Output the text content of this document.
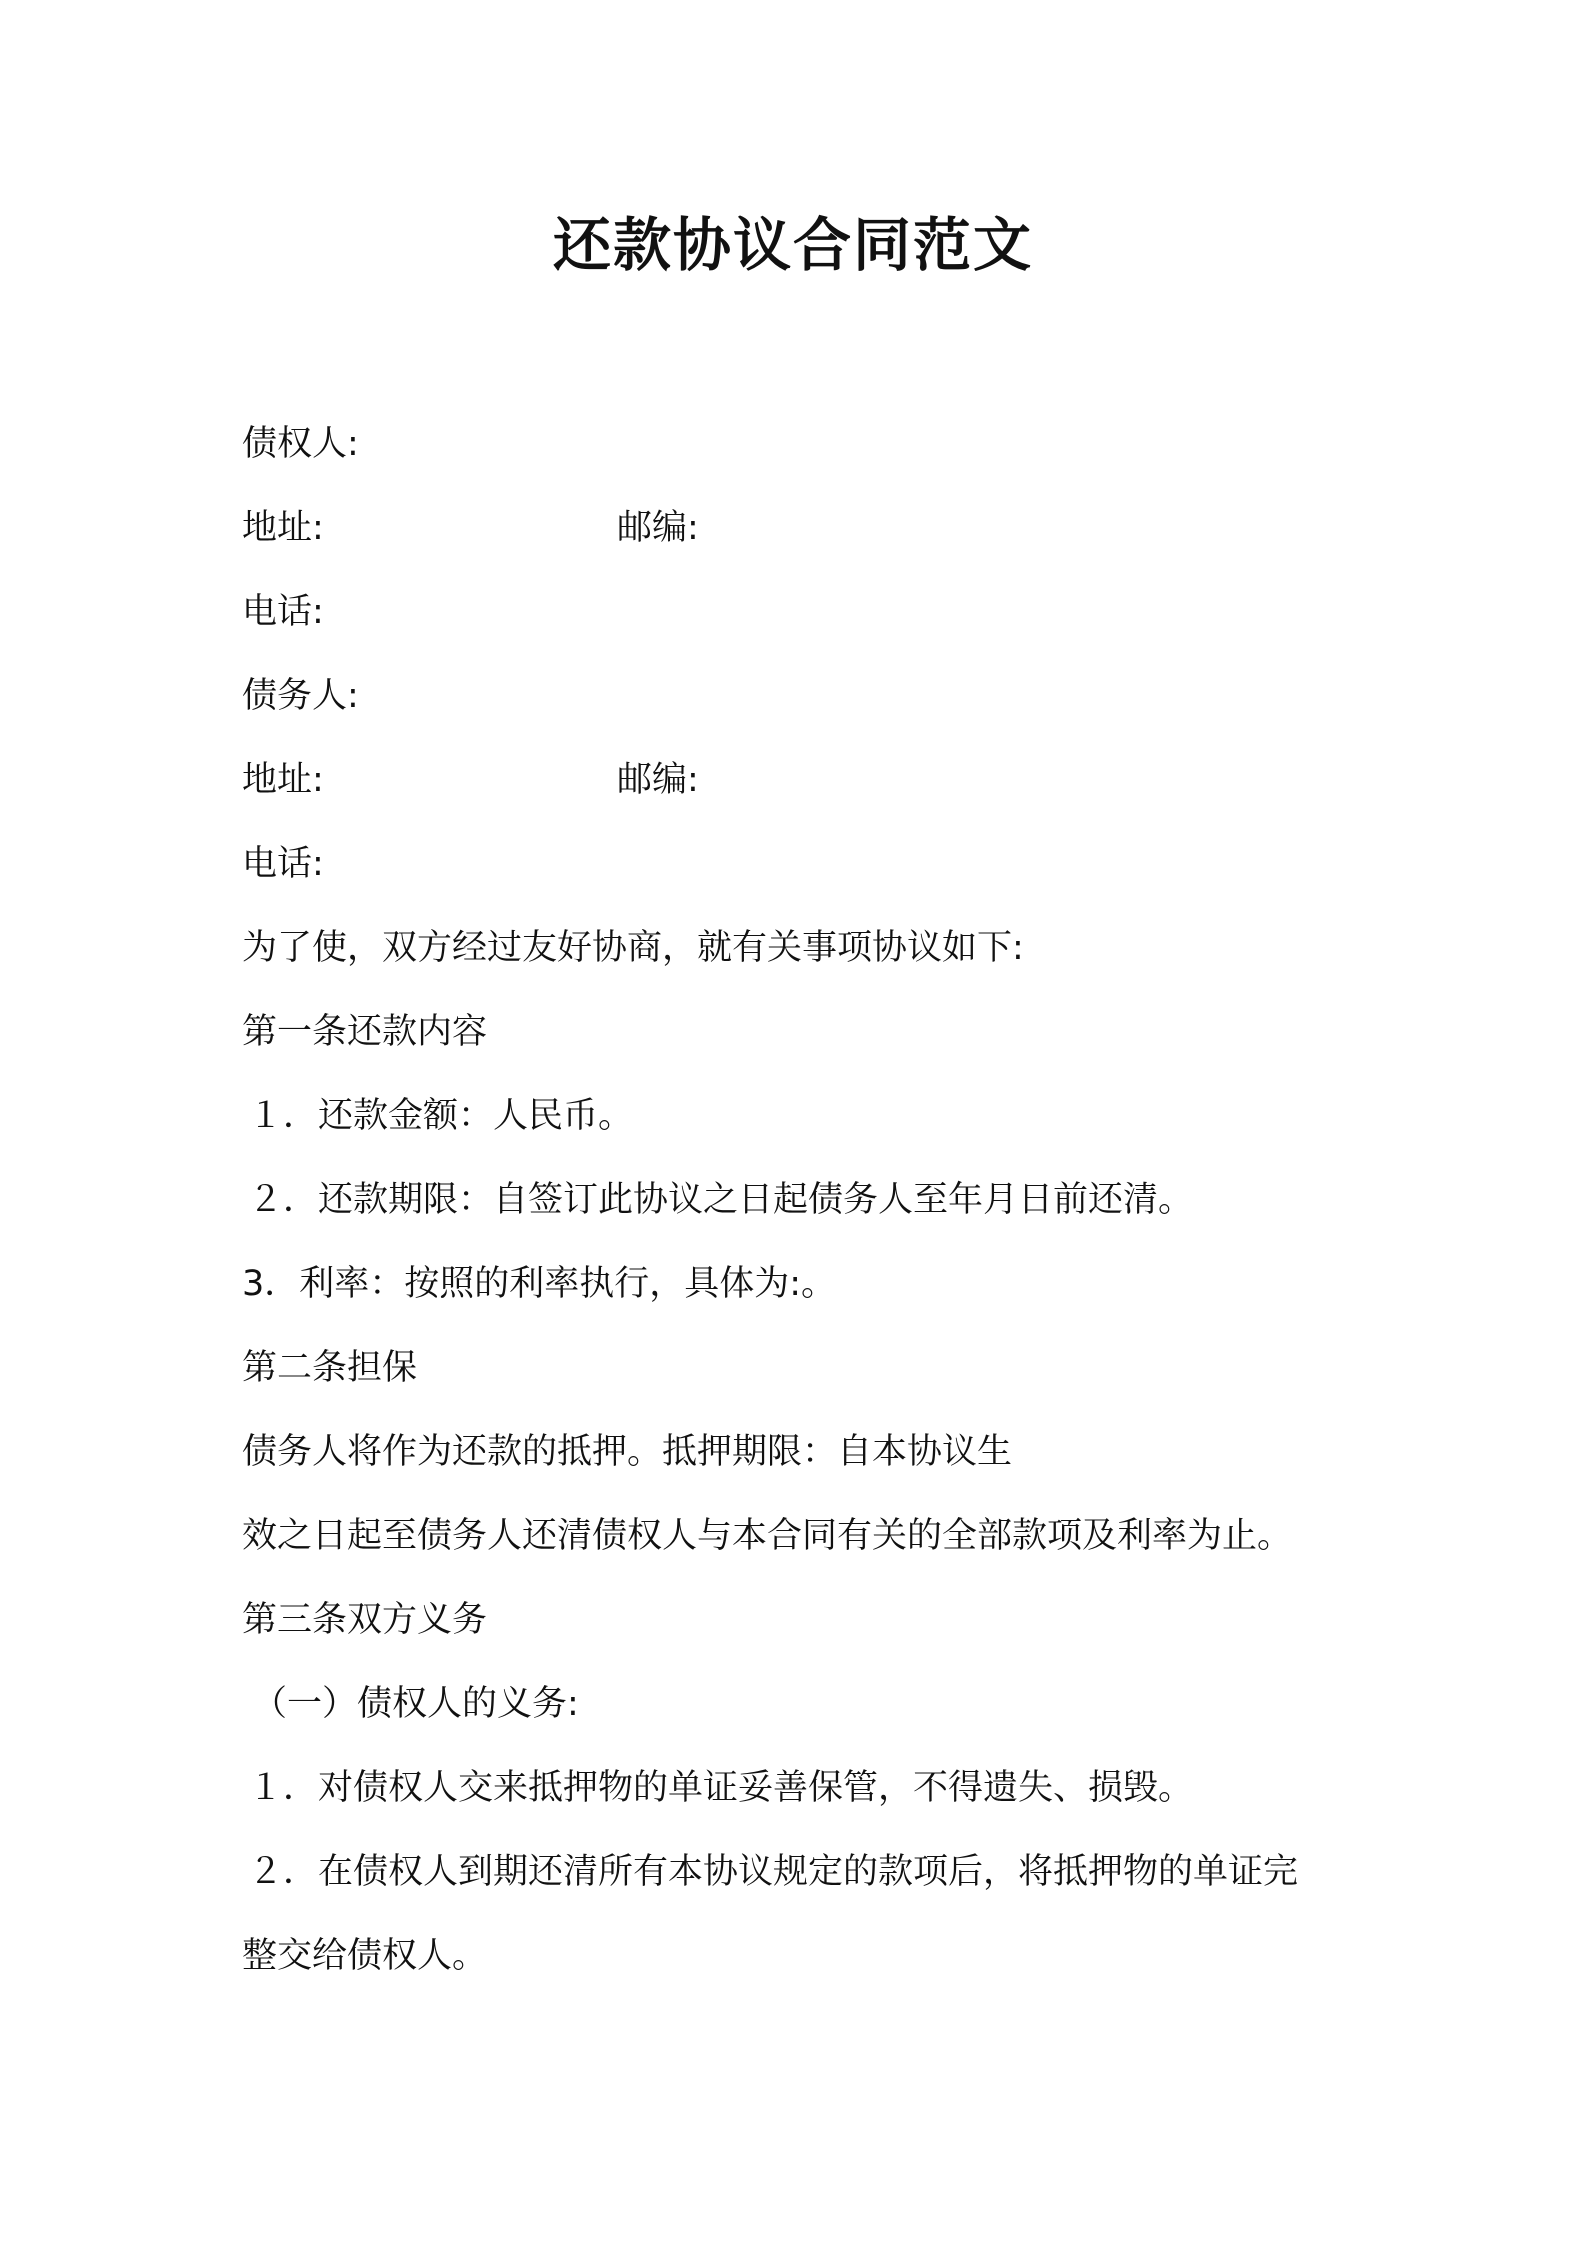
还款协议合同范文
债权人:
地址:	邮编:
电话:
债务人:
地址:	邮编:
电话:
为了使，双方经过友好协商，就有关事项协议如下:
第一条还款内容
１．还款金额：人民币。
２．还款期限：自签订此协议之日起债务人至年月日前还清。
3．利率：按照的利率执行，具体为:。
第二条担保
债务人将作为还款的抵押。抵押期限：自本协议生
效之日起至债务人还清债权人与本合同有关的全部款项及利率为止。
第三条双方义务
（一）债权人的义务:
１．对债权人交来抵押物的单证妥善保管，不得遗失、损毁。
２．在债权人到期还清所有本协议规定的款项后，将抵押物的单证完
整交给债权人。
